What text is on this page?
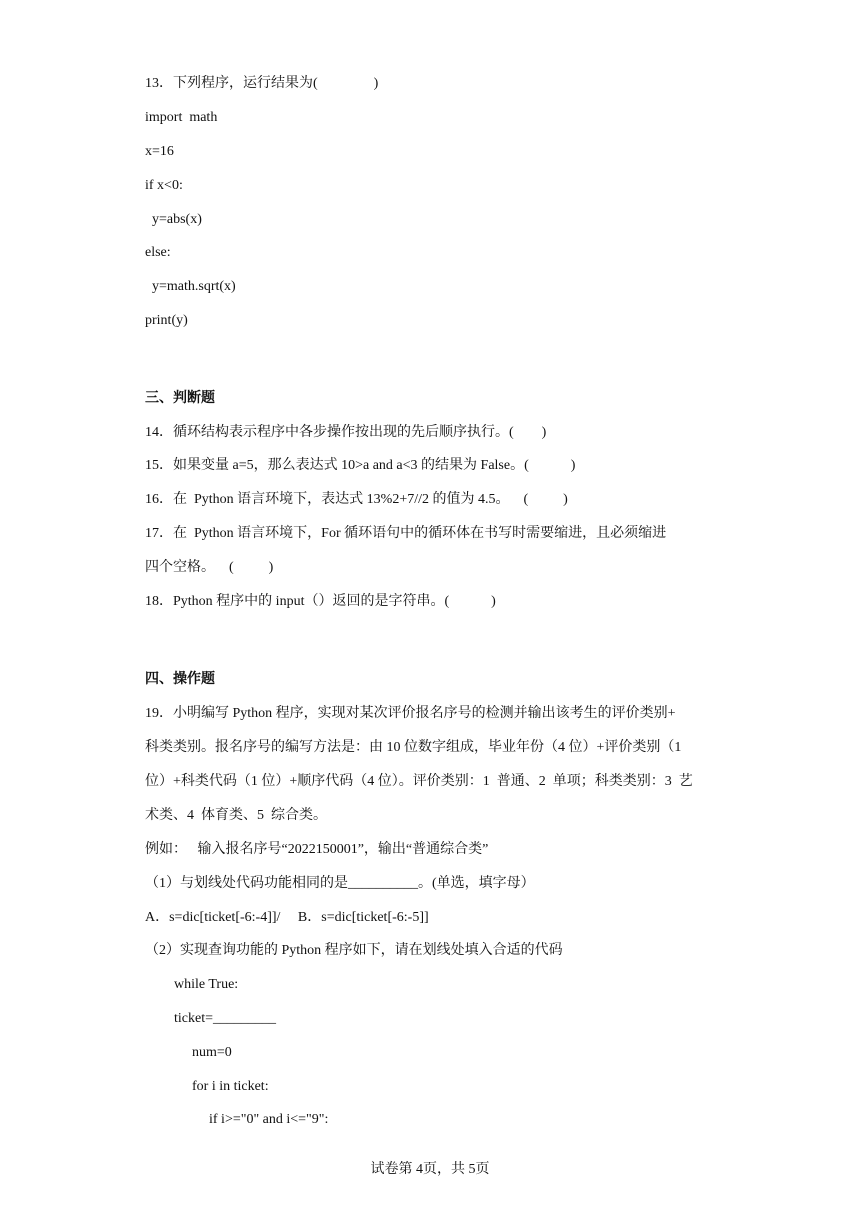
13．下列程序，运行结果为(                )
import  math
x=16
if x<0:
y=abs(x)
else:
y=math.sqrt(x)
print(y)
三、判断题
14．循环结构表示程序中各步操作按出现的先后顺序执行。(        )
15．如果变量 a=5，那么表达式 10>a and a<3 的结果为 False。(            )
16．在  Python 语言环境下，表达式 13%2+7//2 的值为 4.5。    (          )
17．在  Python 语言环境下，For 循环语句中的循环体在书写时需要缩进，且必须缩进
四个空格。    (          )
18．Python 程序中的 input（）返回的是字符串。(            )
四、操作题
19．小明编写 Python 程序，实现对某次评价报名序号的检测并输出该考生的评价类别+
科类类别。报名序号的编写方法是：由 10 位数字组成，毕业年份（4 位）+评价类别（1
位）+科类代码（1 位）+顺序代码（4 位）。评价类别：1  普通、2  单项；科类类别：3  艺
术类、4  体育类、5  综合类。
例如：   输入报名序号“2022150001”，输出“普通综合类”
（1）与划线处代码功能相同的是__________。(单选，填字母）
A．s=dic[ticket[-6:-4]]/     B．s=dic[ticket[-6:-5]]
（2）实现查询功能的 Python 程序如下，请在划线处填入合适的代码
while True:
ticket=_________
num=0
for i in ticket:
if i>="0" and i<="9":
试卷第 4页，共 5页
